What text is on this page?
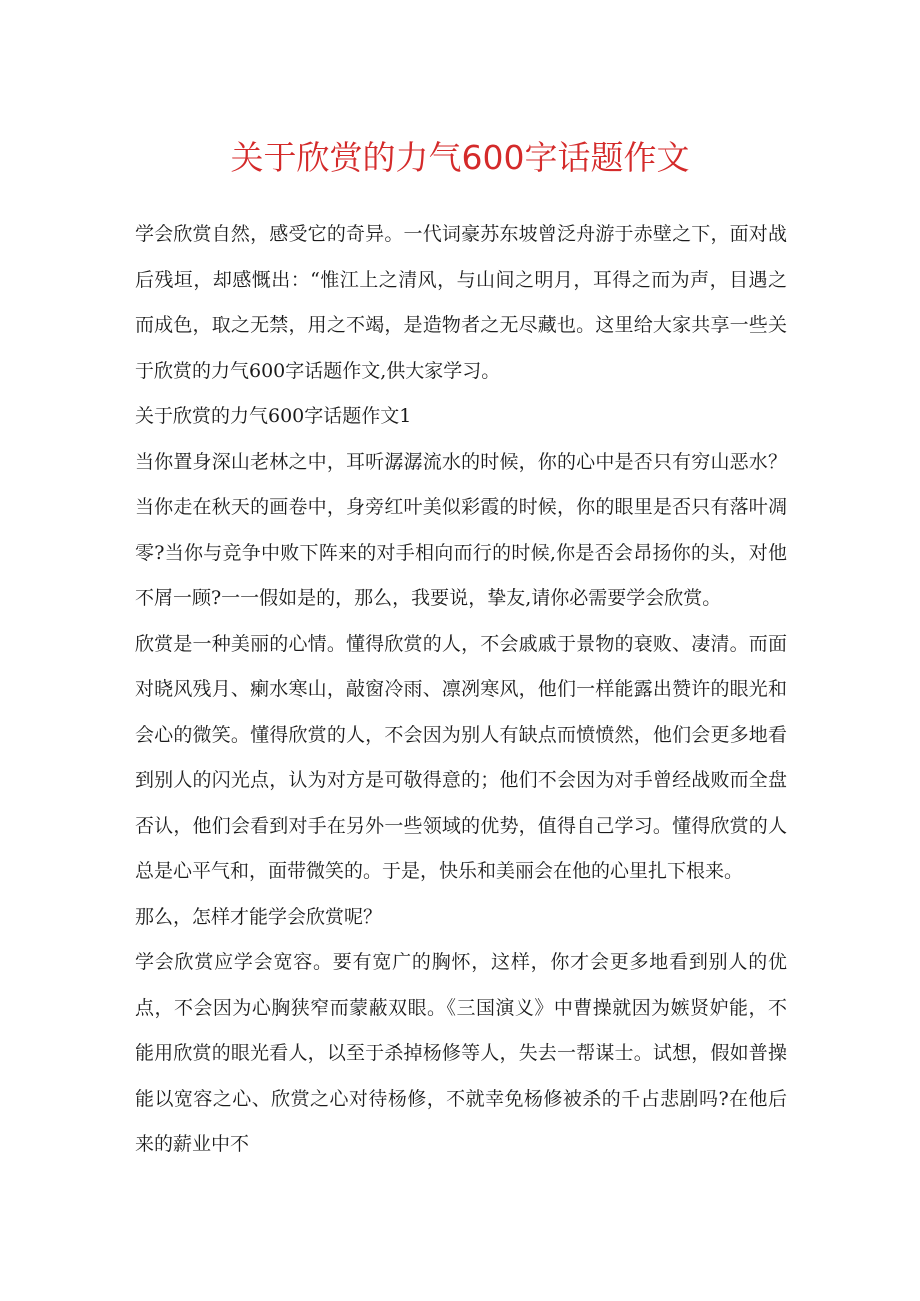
关于欣赏的力气600字话题作文

学会欣赏自然，感受它的奇异。一代词豪苏东坡曾泛舟游于赤壁之下，面对战后残垣，却感慨出：“惟江上之清风，与山间之明月，耳得之而为声，目遇之而成色，取之无禁，用之不竭，是造物者之无尽藏也。这里给大家共享一些关于欣赏的力气600字话题作文,供大家学习。

关于欣赏的力气600字话题作文1

当你置身深山老林之中，耳听潺潺流水的时候，你的心中是否只有穷山恶水？当你走在秋天的画卷中，身旁红叶美似彩霞的时候，你的眼里是否只有落叶凋零?当你与竞争中败下阵来的对手相向而行的时候,你是否会昂扬你的头，对他不屑一顾?一一假如是的，那么，我要说，挚友,请你必需要学会欣赏。

欣赏是一种美丽的心情。懂得欣赏的人，不会戚戚于景物的衰败、凄清。而面对晓风残月、瘌水寒山，敲窗冷雨、凛冽寒风，他们一样能露出赞许的眼光和会心的微笑。懂得欣赏的人，不会因为别人有缺点而愤愤然，他们会更多地看到别人的闪光点，认为对方是可敬得意的；他们不会因为对手曾经战败而全盘否认，他们会看到对手在另外一些领域的优势，值得自己学习。懂得欣赏的人总是心平气和，面带微笑的。于是，快乐和美丽会在他的心里扎下根来。

那么，怎样才能学会欣赏呢？

学会欣赏应学会宽容。要有宽广的胸怀，这样，你才会更多地看到别人的优点，不会因为心胸狭窄而蒙蔽双眼。《三国演义》中曹操就因为嫉贤妒能，不能用欣赏的眼光看人，以至于杀掉杨修等人，失去一帮谋士。试想，假如普操能以宽容之心、欣赏之心对待杨修，不就幸免杨修被杀的千占悲剧吗?在他后来的薪业中不
